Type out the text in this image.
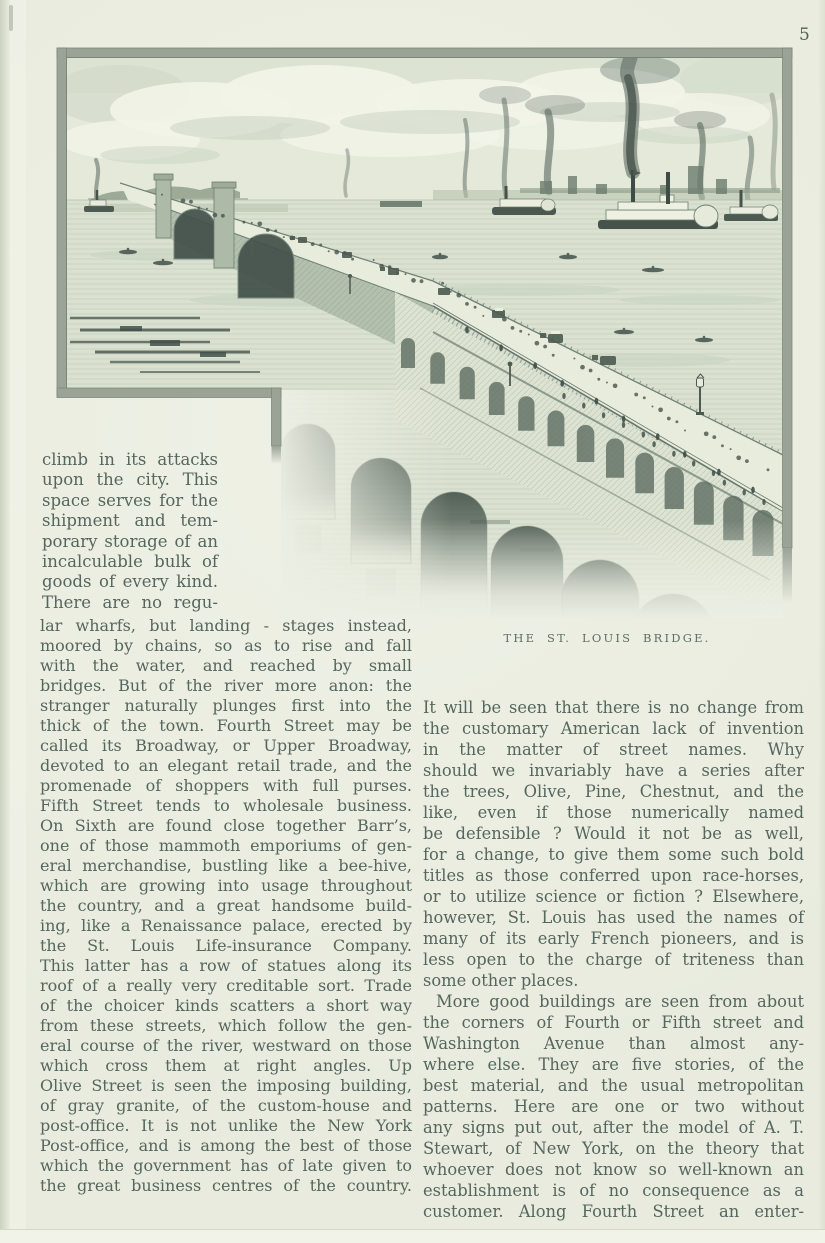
5
THE ST. LOUIS BRIDGE.
climb in its attacks
upon the city. This
space serves for the
shipment and tem-
porary storage of an
incalculable bulk of
goods of every kind.
There are no regu-
lar wharfs, but landing - stages instead,
moored by chains, so as to rise and fall
with the water, and reached by small
bridges. But of the river more anon: the
stranger naturally plunges first into the
thick of the town. Fourth Street may be
called its Broadway, or Upper Broadway,
devoted to an elegant retail trade, and the
promenade of shoppers with full purses.
Fifth Street tends to wholesale business.
On Sixth are found close together Barr’s,
one of those mammoth emporiums of gen-
eral merchandise, bustling like a bee-hive,
which are growing into usage throughout
the country, and a great handsome build-
ing, like a Renaissance palace, erected by
the St. Louis Life-insurance Company.
This latter has a row of statues along its
roof of a really very creditable sort. Trade
of the choicer kinds scatters a short way
from these streets, which follow the gen-
eral course of the river, westward on those
which cross them at right angles. Up
Olive Street is seen the imposing building,
of gray granite, of the custom-house and
post-office. It is not unlike the New York
Post-office, and is among the best of those
which the government has of late given to
the great business centres of the country.
It will be seen that there is no change from
the customary American lack of invention
in the matter of street names. Why
should we invariably have a series after
the trees, Olive, Pine, Chestnut, and the
like, even if those numerically named
be defensible ? Would it not be as well,
for a change, to give them some such bold
titles as those conferred upon race-horses,
or to utilize science or fiction ? Elsewhere,
however, St. Louis has used the names of
many of its early French pioneers, and is
less open to the charge of triteness than
some other places.
More good buildings are seen from about
the corners of Fourth or Fifth street and
Washington Avenue than almost any-
where else. They are five stories, of the
best material, and the usual metropolitan
patterns. Here are one or two without
any signs put out, after the model of A. T.
Stewart, of New York, on the theory that
whoever does not know so well-known an
establishment is of no consequence as a
customer. Along Fourth Street an enter-
